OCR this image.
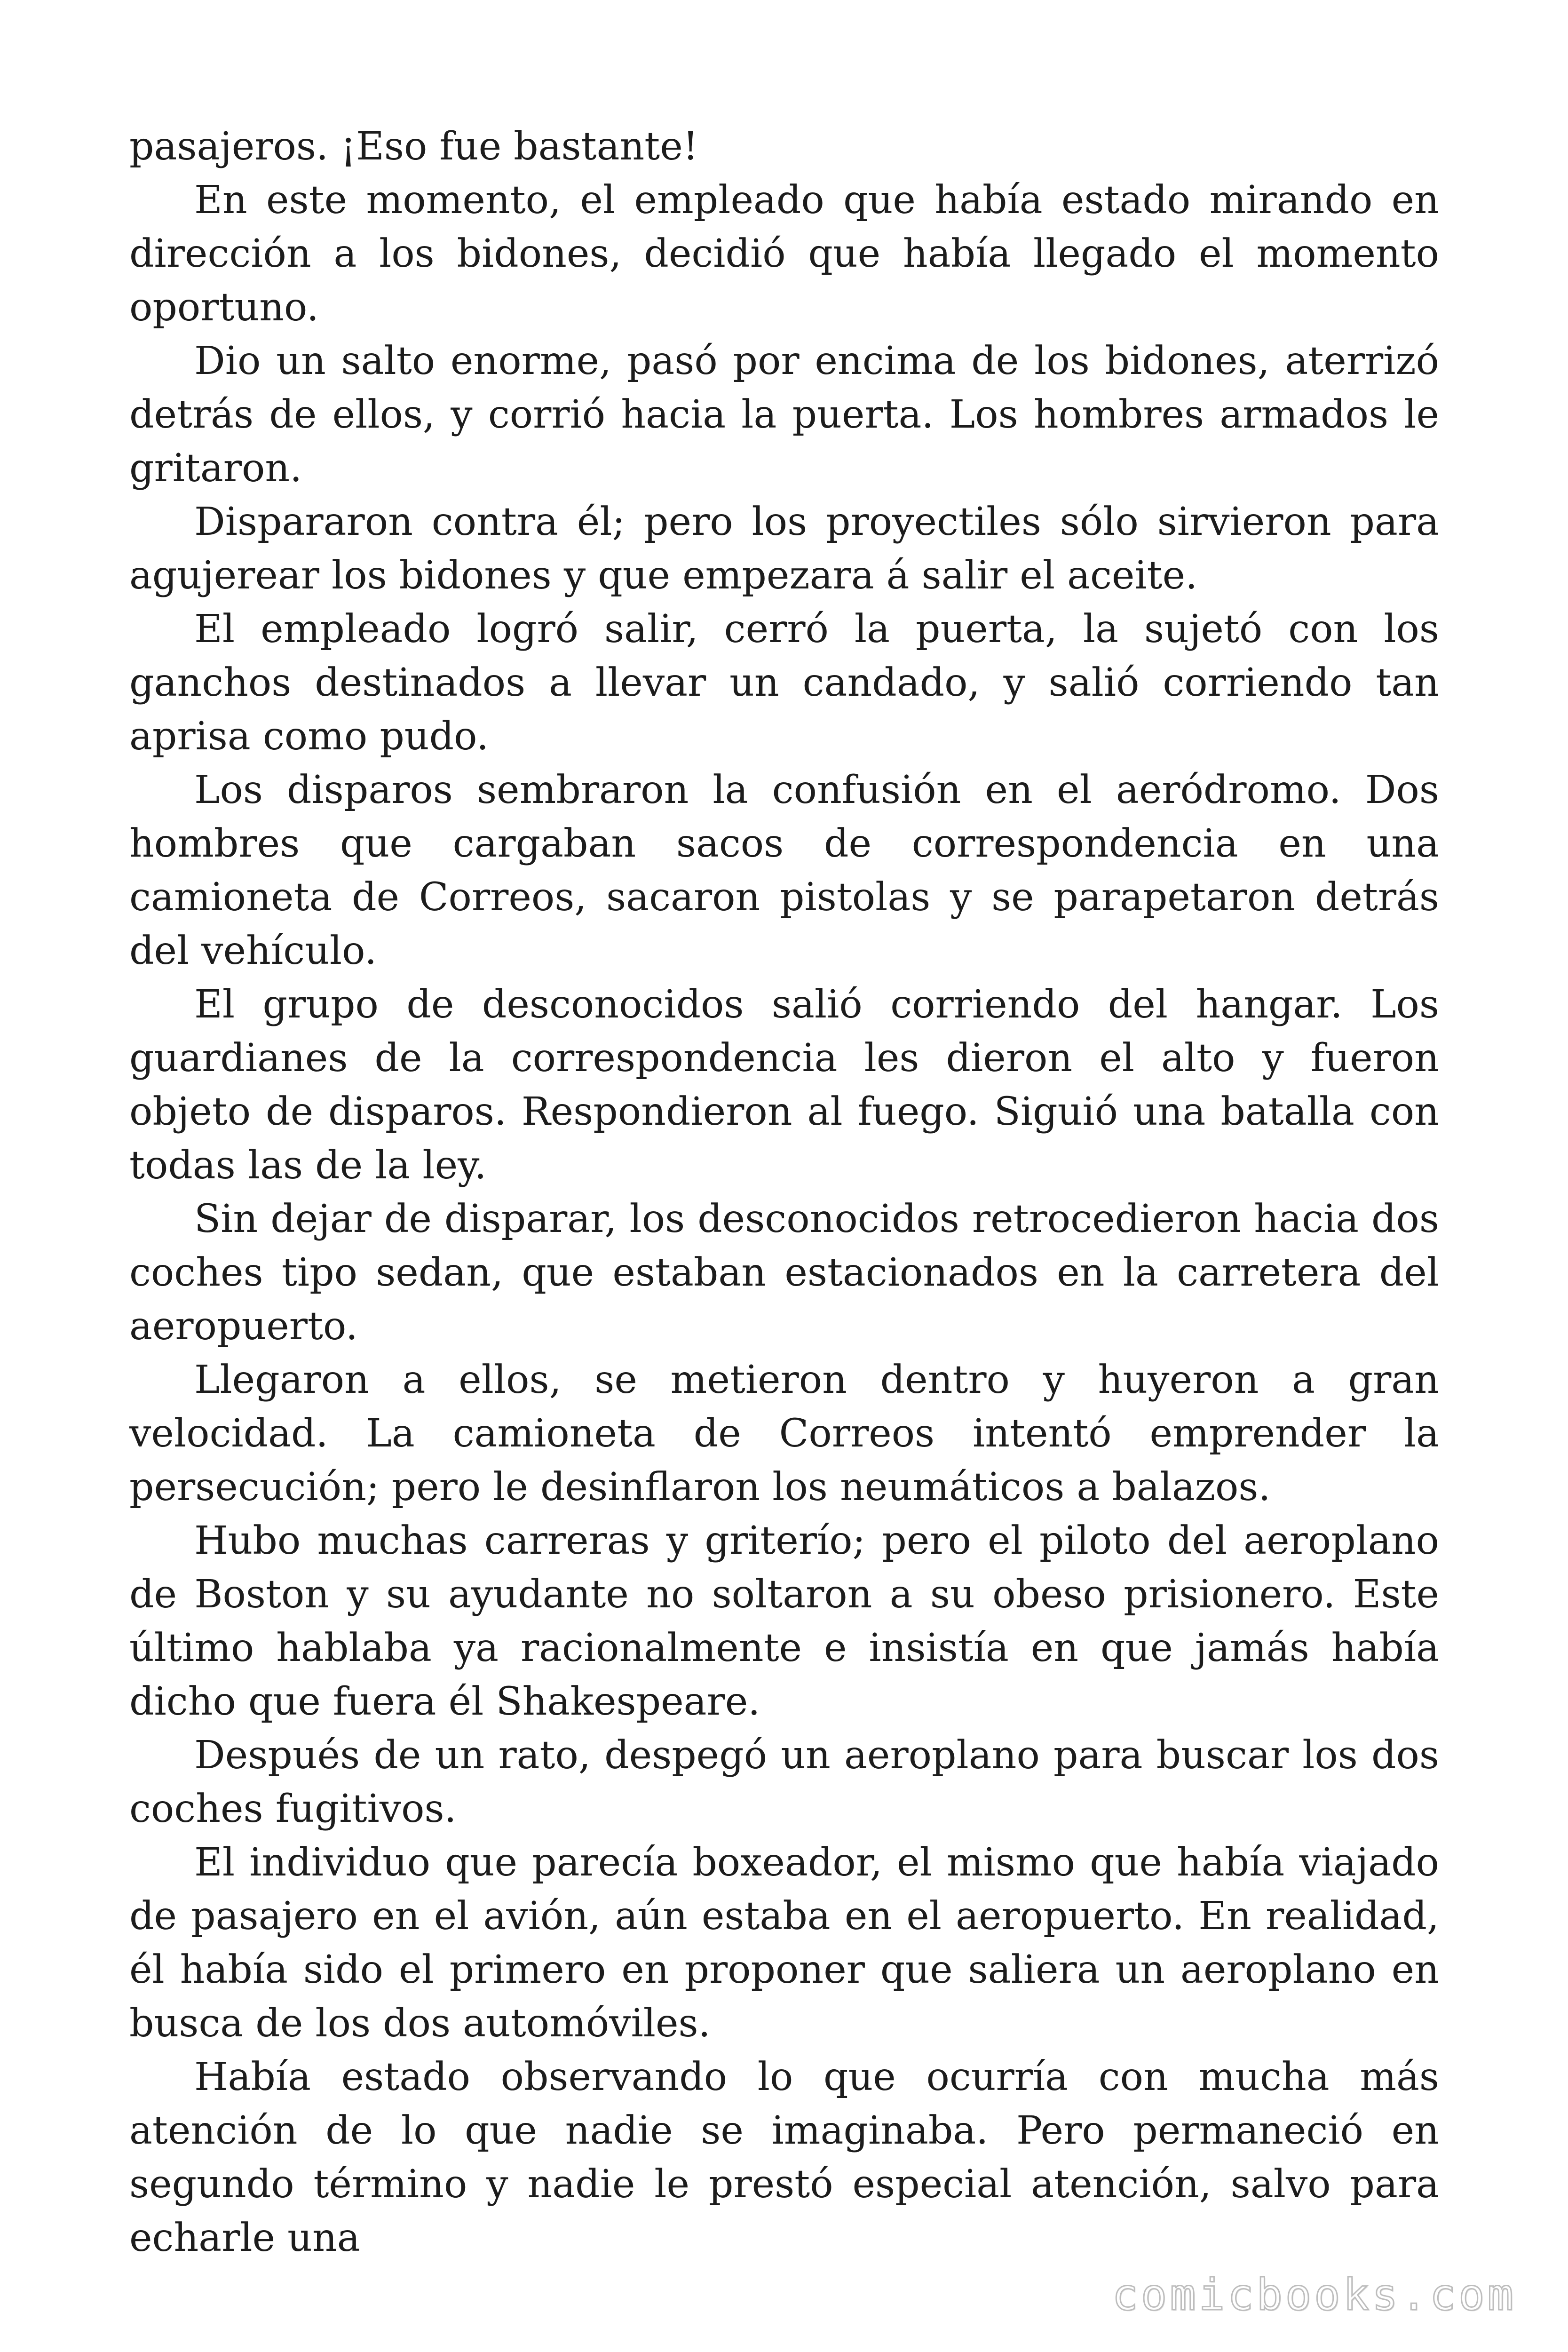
pasajeros. ¡Eso fue bastante!

En este momento, el empleado que había estado mirando en dirección a los bidones, decidió que había llegado el momento oportuno.

Dio un salto enorme, pasó por encima de los bidones, aterrizó detrás de ellos, y corrió hacia la puerta. Los hombres armados le gritaron.

Dispararon contra él; pero los proyectiles sólo sirvieron para agujerear los bidones y que empezara á salir el aceite.

El empleado logró salir, cerró la puerta, la sujetó con los ganchos destinados a llevar un candado, y salió corriendo tan aprisa como pudo.

Los disparos sembraron la confusión en el aeródromo. Dos hombres que cargaban sacos de correspondencia en una camioneta de Correos, sacaron pistolas y se parapetaron detrás del vehículo.

El grupo de desconocidos salió corriendo del hangar. Los guardianes de la correspondencia les dieron el alto y fueron objeto de disparos. Respondieron al fuego. Siguió una batalla con todas las de la ley.

Sin dejar de disparar, los desconocidos retrocedieron hacia dos coches tipo sedan, que estaban estacionados en la carretera del aeropuerto.

Llegaron a ellos, se metieron dentro y huyeron a gran velocidad. La camioneta de Correos intentó emprender la persecución; pero le desinflaron los neumáticos a balazos.

Hubo muchas carreras y griterío; pero el piloto del aeroplano de Boston y su ayudante no soltaron a su obeso prisionero. Este último hablaba ya racionalmente e insistía en que jamás había dicho que fuera él Shakespeare.

Después de un rato, despegó un aeroplano para buscar los dos coches fugitivos.

El individuo que parecía boxeador, el mismo que había viajado de pasajero en el avión, aún estaba en el aeropuerto. En realidad, él había sido el primero en proponer que saliera un aeroplano en busca de los dos automóviles.

Había estado observando lo que ocurría con mucha más atención de lo que nadie se imaginaba. Pero permaneció en segundo término y nadie le prestó especial atención, salvo para echarle una

comicbooks.com
